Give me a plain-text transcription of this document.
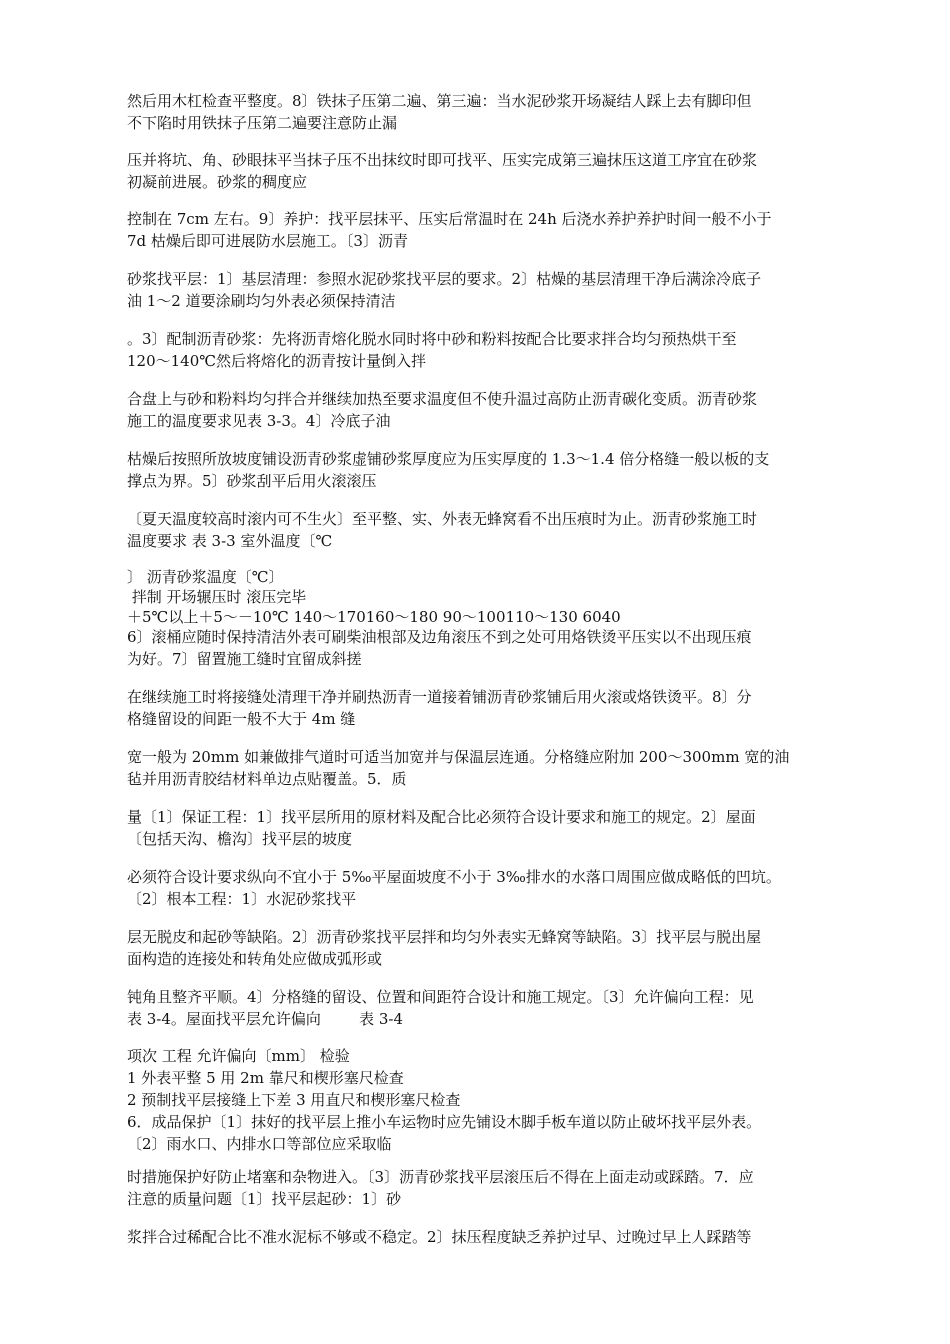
然后用木杠检查平整度。8〕铁抹子压第二遍、第三遍：当水泥砂浆开场凝结人踩上去有脚印但
不下陷时用铁抹子压第二遍要注意防止漏
压并将坑、角、砂眼抹平当抹子压不出抹纹时即可找平、压实完成第三遍抹压这道工序宜在砂浆
初凝前进展。砂浆的稠度应
控制在 7cm 左右。9〕养护：找平层抹平、压实后常温时在 24h 后浇水养护养护时间一般不小于
7d 枯燥后即可进展防水层施工。〔3〕沥青
砂浆找平层：1〕基层清理：参照水泥砂浆找平层的要求。2〕枯燥的基层清理干净后满涂冷底子
油 1～2 道要涂刷均匀外表必须保持清洁
。3〕配制沥青砂浆：先将沥青熔化脱水同时将中砂和粉料按配合比要求拌合均匀预热烘干至
120～140℃然后将熔化的沥青按计量倒入拌
合盘上与砂和粉料均匀拌合并继续加热至要求温度但不使升温过高防止沥青碳化变质。沥青砂浆
施工的温度要求见表 3-3。4〕冷底子油
枯燥后按照所放坡度铺设沥青砂浆虚铺砂浆厚度应为压实厚度的 1.3～1.4 倍分格缝一般以板的支
撑点为界。5〕砂浆刮平后用火滚滚压
〔夏天温度较高时滚内可不生火〕至平整、实、外表无蜂窝看不出压痕时为止。沥青砂浆施工时
温度要求 表 3-3 室外温度〔℃
〕 沥青砂浆温度〔℃〕
拌制 开场辗压时 滚压完毕
＋5℃以上＋5～－10℃ 140～170160～180 90～100110～130 6040
6〕滚桶应随时保持清洁外表可刷柴油根部及边角滚压不到之处可用烙铁烫平压实以不出现压痕
为好。7〕留置施工缝时宜留成斜搓
在继续施工时将接缝处清理干净并刷热沥青一道接着铺沥青砂浆铺后用火滚或烙铁烫平。8〕分
格缝留设的间距一般不大于 4m 缝
宽一般为 20mm 如兼做排气道时可适当加宽并与保温层连通。分格缝应附加 200～300mm 宽的油
毡并用沥青胶结材料单边点贴覆盖。5．质
量〔1〕保证工程：1〕找平层所用的原材料及配合比必须符合设计要求和施工的规定。2〕屋面
〔包括天沟、檐沟〕找平层的坡度
必须符合设计要求纵向不宜小于 5‰平屋面坡度不小于 3‰排水的水落口周围应做成略低的凹坑。
〔2〕根本工程：1〕水泥砂浆找平
层无脱皮和起砂等缺陷。2〕沥青砂浆找平层拌和均匀外表实无蜂窝等缺陷。3〕找平层与脱出屋
面构造的连接处和转角处应做成弧形或
钝角且整齐平顺。4〕分格缝的留设、位置和间距符合设计和施工规定。〔3〕允许偏向工程：见
表 3-4。屋面找平层允许偏向        表 3-4
项次 工程 允许偏向〔mm〕 检验
1 外表平整 5 用 2m 靠尺和楔形塞尺检查
2 预制找平层接缝上下差 3 用直尺和楔形塞尺检查
6．成品保护〔1〕抹好的找平层上推小车运物时应先铺设木脚手板车道以防止破坏找平层外表。
〔2〕雨水口、内排水口等部位应采取临
时措施保护好防止堵塞和杂物进入。〔3〕沥青砂浆找平层滚压后不得在上面走动或踩踏。7．应
注意的质量问题〔1〕找平层起砂：1〕砂
浆拌合过稀配合比不准水泥标不够或不稳定。2〕抹压程度缺乏养护过早、过晚过早上人踩踏等
